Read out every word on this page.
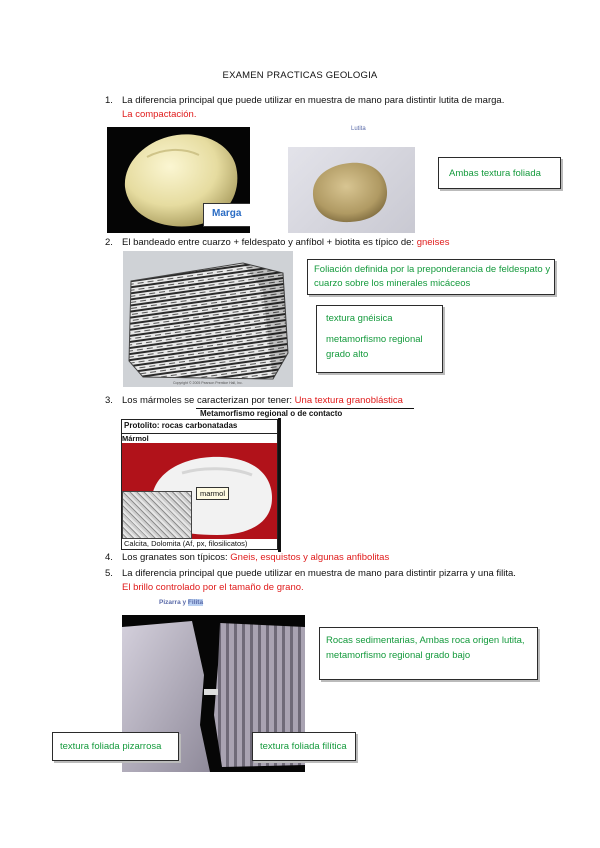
EXAMEN PRACTICAS GEOLOGIA
1. La diferencia principal que puede utilizar en muestra de mano para distintir lutita de marga. La compactación.
Marga
Lutita
Ambas textura foliada
2. El bandeado entre cuarzo + feldespato y anfíbol + biotita es típico de: gneises
Copyright © 2005 Pearson Prentice Hall, Inc.
Foliación definida por la preponderancia de feldespato y cuarzo sobre los minerales micáceos
textura gnéisica
metamorfismo regional grado alto
3. Los mármoles se caracterizan por tener: Una textura granoblástica
Metamorfismo regional o de contacto
Protolito: rocas carbonatadas
Mármol
marmol
Calcita, Dolomita (Af, px, filosilicatos)
4. Los granates son típicos: Gneis, esquistos y algunas anfibolitas
5. La diferencia principal que puede utilizar en muestra de mano para distintir pizarra y una filita. El brillo controlado por el tamaño de grano.
Pizarra y Filita
Rocas sedimentarias, Ambas roca origen lutita, metamorfismo regional grado bajo
textura foliada pizarrosa	textura foliada filítica
